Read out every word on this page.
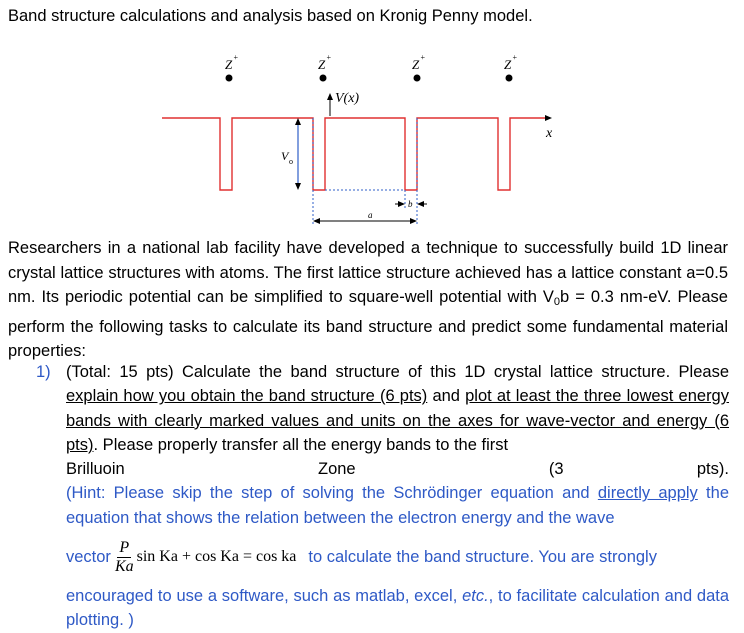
Band structure calculations and analysis based on Kronig Penny model.
Z	Z	Z	Z
+	+	+	+
V(x)
x
V o
a
b
Researchers in a national lab facility have developed a technique to successfully build 1D linear crystal lattice structures with atoms. The first lattice structure achieved has a lattice constant a=0.5 nm. Its periodic potential can be simplified to square-well potential with $V_0b = 0.3$ nm-eV. Please perform the following tasks to calculate its band structure and predict some fundamental material properties:
1) (Total: 15 pts) Calculate the band structure of this 1D crystal lattice structure. Please explain how you obtain the band structure (6 pts) and plot at least the three lowest energy bands with clearly marked values and units on the axes for wave-vector and energy (6 pts). Please properly transfer all the energy bands to the first
Brilluoin	Zone	(3	pts).
(Hint: Please skip the step of solving the Schrödinger equation and directly apply the equation that shows the relation between the electron energy and the wave
vector $\frac{P}{Ka}$ sin Ka + cos Ka = cos ka to calculate the band structure. You are strongly
encouraged to use a software, such as matlab, excel, etc., to facilitate calculation and data plotting. )
